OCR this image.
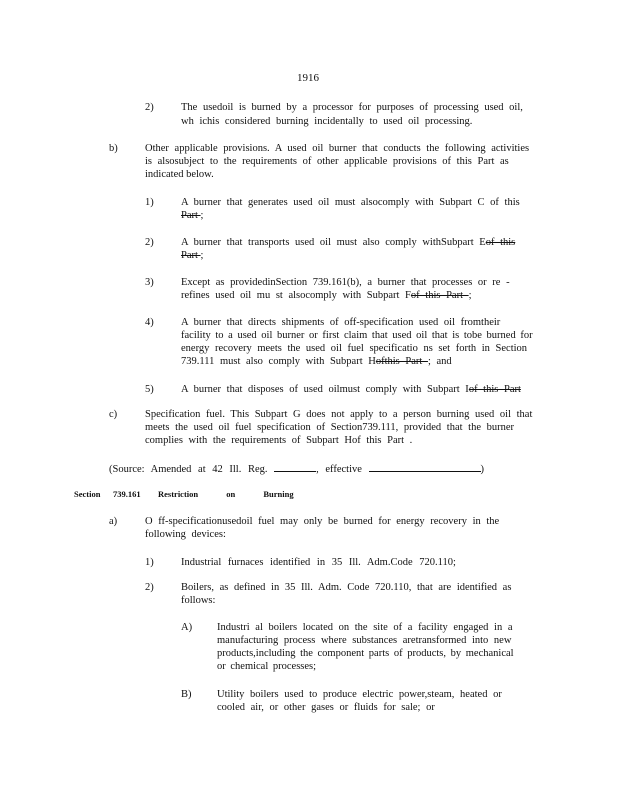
1916
2)	The usedoil is burned by a processor for purposes of processing used oil,
wh ichis considered burning incidentally to used oil processing.
b)	Other applicable provisions. A used oil burner that conducts the following activities
is alsosubject to the requirements of other applicable provisions of this Part as
indicated below.
1)	A burner that generates used oil must alsocomply with Subpart C of this
Part ;
2)	A burner that transports used oil must also comply withSubpart Eof this
Part ;
3)	Except as providedinSection 739.161(b), a burner that processes or re -
refines used oil mu st alsocomply with Subpart Fof this Part ;
4)	A burner that directs shipments of off-specification used oil fromtheir
facility to a used oil burner or first claim that used oil that is tobe burned for
energy recovery meets the used oil fuel specificatio ns set forth in Section
739.111 must also comply with Subpart Hofthis Part ; and
5)	A burner that disposes of used oilmust comply with Subpart Iof this Part
c)	Specification fuel. This Subpart G does not apply to a person burning used oil that
meets the used oil fuel specification of Section739.111, provided that the burner
complies with the requirements of Subpart Hof this Part .
(Source: Amended at 42 Ill. Reg.	, effective	)
Section 739.161 Restriction on Burning
a)	O ff-specificationusedoil fuel may only be burned for energy recovery in the
following devices:
1)	Industrial furnaces identified in 35 Ill. Adm.Code 720.110;
2)	Boilers, as defined in 35 Ill. Adm. Code 720.110, that are identified as
follows:
A) Industri al boilers located on the site of a facility engaged in a
manufacturing process where substances aretransformed into new
products,including the component parts of products, by mechanical
or chemical processes;
B) Utility boilers used to produce electric power,steam, heated or
cooled air, or other gases or fluids for sale; or
